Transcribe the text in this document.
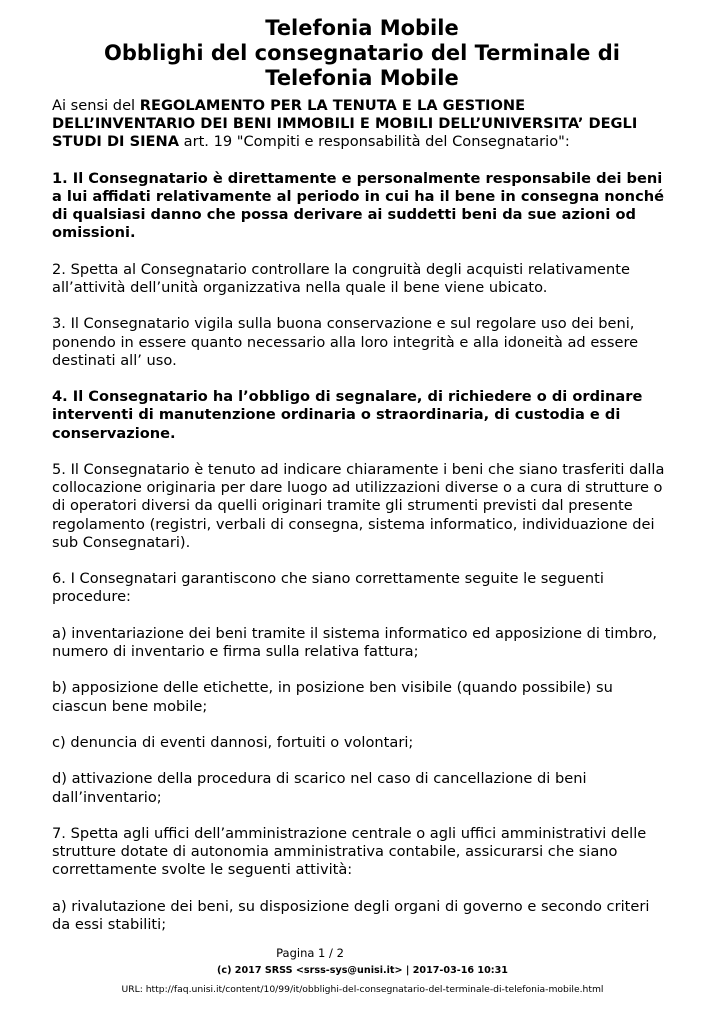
Telefonia Mobile
Obblighi del consegnatario del Terminale di Telefonia Mobile

Ai sensi del REGOLAMENTO PER LA TENUTA E LA GESTIONE DELL’INVENTARIO DEI BENI IMMOBILI E MOBILI DELL’UNIVERSITA’ DEGLI STUDI DI SIENA art. 19 "Compiti e responsabilità del Consegnatario":

1. Il Consegnatario è direttamente e personalmente responsabile dei beni a lui affidati relativamente al periodo in cui ha il bene in consegna nonché di qualsiasi danno che possa derivare ai suddetti beni da sue azioni od omissioni.

2. Spetta al Consegnatario controllare la congruità degli acquisti relativamente all’attività dell’unità organizzativa nella quale il bene viene ubicato.

3. Il Consegnatario vigila sulla buona conservazione e sul regolare uso dei beni, ponendo in essere quanto necessario alla loro integrità e alla idoneità ad essere destinati all’ uso.

4. Il Consegnatario ha l’obbligo di segnalare, di richiedere o di ordinare interventi di manutenzione ordinaria o straordinaria, di custodia e di conservazione.

5. Il Consegnatario è tenuto ad indicare chiaramente i beni che siano trasferiti dalla collocazione originaria per dare luogo ad utilizzazioni diverse o a cura di strutture o di operatori diversi da quelli originari tramite gli strumenti previsti dal presente regolamento (registri, verbali di consegna, sistema informatico, individuazione dei sub Consegnatari).

6. I Consegnatari garantiscono che siano correttamente seguite le seguenti procedure:

a) inventariazione dei beni tramite il sistema informatico ed apposizione di timbro, numero di inventario e firma sulla relativa fattura;

b) apposizione delle etichette, in posizione ben visibile (quando possibile) su ciascun bene mobile;

c) denuncia di eventi dannosi, fortuiti o volontari;

d) attivazione della procedura di scarico nel caso di cancellazione di beni dall’inventario;

7. Spetta agli uffici dell’amministrazione centrale o agli uffici amministrativi delle strutture dotate di autonomia amministrativa contabile, assicurarsi che siano correttamente svolte le seguenti attività:

a) rivalutazione dei beni, su disposizione degli organi di governo e secondo criteri da essi stabiliti;

Pagina 1 / 2
(c) 2017 SRSS <srss-sys@unisi.it> | 2017-03-16 10:31
URL: http://faq.unisi.it/content/10/99/it/obblighi-del-consegnatario-del-terminale-di-telefonia-mobile.html
